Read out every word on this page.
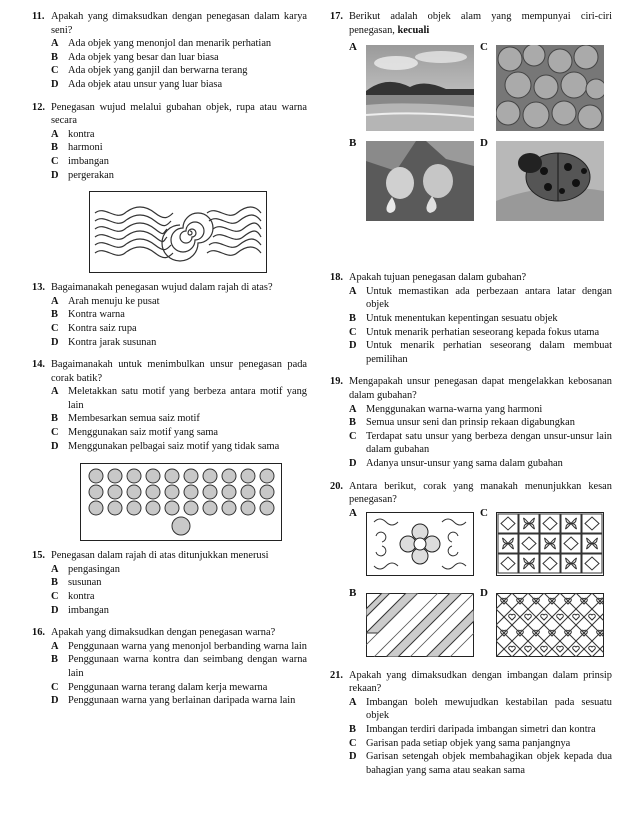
11. Apakah yang dimaksudkan dengan penegasan dalam karya seni?
A Ada objek yang menonjol dan menarik perhatian
B Ada objek yang besar dan luar biasa
C Ada objek yang ganjil dan berwarna terang
D Ada objek atau unsur yang luar biasa
12. Penegasan wujud melalui gubahan objek, rupa atau warna secara
A kontra
B harmoni
C imbangan
D pergerakan
13. Bagaimanakah penegasan wujud dalam rajah di atas?
A Arah menuju ke pusat
B Kontra warna
C Kontra saiz rupa
D Kontra jarak susunan
14. Bagaimanakah untuk menimbulkan unsur penegasan pada corak batik?
A Meletakkan satu motif yang berbeza antara motif yang lain
B Membesarkan semua saiz motif
C Menggunakan saiz motif yang sama
D Menggunakan pelbagai saiz motif yang tidak sama
15. Penegasan dalam rajah di atas ditunjukkan menerusi
A pengasingan
B susunan
C kontra
D imbangan
16. Apakah yang dimaksudkan dengan penegasan warna?
A Penggunaan warna yang menonjol berbanding warna lain
B Penggunaan warna kontra dan seimbang dengan warna lain
C Penggunaan warna terang dalam kerja mewarna
D Penggunaan warna yang berlainan daripada warna lain
17. Berikut adalah objek alam yang mempunyai ciri-ciri penegasan, kecuali
A	C
B	D
18. Apakah tujuan penegasan dalam gubahan?
A Untuk memastikan ada perbezaan antara latar dengan objek
B Untuk menentukan kepentingan sesuatu objek
C Untuk menarik perhatian seseorang kepada fokus utama
D Untuk menarik perhatian seseorang dalam membuat pemilihan
19. Mengapakah unsur penegasan dapat mengelakkan kebosanan dalam gubahan?
A Menggunakan warna-warna yang harmoni
B Semua unsur seni dan prinsip rekaan digabungkan
C Terdapat satu unsur yang berbeza dengan unsur-unsur lain dalam gubahan
D Adanya unsur-unsur yang sama dalam gubahan
20. Antara berikut, corak yang manakah menunjukkan kesan penegasan?
A	C
B	D
21. Apakah yang dimaksudkan dengan imbangan dalam prinsip rekaan?
A Imbangan boleh mewujudkan kestabilan pada sesuatu objek
B Imbangan terdiri daripada imbangan simetri dan kontra
C Garisan pada setiap objek yang sama panjangnya
D Garisan setengah objek membahagikan objek kepada dua bahagian yang sama atau seakan sama
